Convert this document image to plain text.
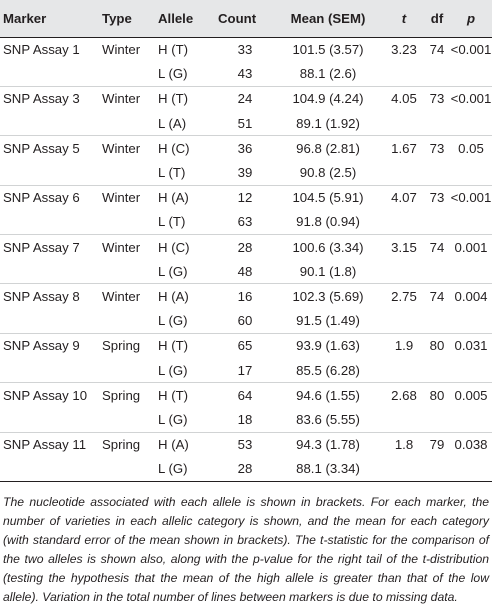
Marker	Type	Allele	Count	Mean (SEM)	t	df	p
SNP Assay 1	Winter	H (T)	33	101.5 (3.57)	3.23	74	<0.001
		L (G)	43	88.1 (2.6)			
SNP Assay 3	Winter	H (T)	24	104.9 (4.24)	4.05	73	<0.001
		L (A)	51	89.1 (1.92)			
SNP Assay 5	Winter	H (C)	36	96.8 (2.81)	1.67	73	0.05
		L (T)	39	90.8 (2.5)			
SNP Assay 6	Winter	H (A)	12	104.5 (5.91)	4.07	73	<0.001
		L (T)	63	91.8 (0.94)			
SNP Assay 7	Winter	H (C)	28	100.6 (3.34)	3.15	74	0.001
		L (G)	48	90.1 (1.8)			
SNP Assay 8	Winter	H (A)	16	102.3 (5.69)	2.75	74	0.004
		L (G)	60	91.5 (1.49)			
SNP Assay 9	Spring	H (T)	65	93.9 (1.63)	1.9	80	0.031
		L (G)	17	85.5 (6.28)			
SNP Assay 10	Spring	H (T)	64	94.6 (1.55)	2.68	80	0.005
		L (G)	18	83.6 (5.55)			
SNP Assay 11	Spring	H (A)	53	94.3 (1.78)	1.8	79	0.038
		L (G)	28	88.1 (3.34)			
The nucleotide associated with each allele is shown in brackets. For each marker, the number of varieties in each allelic category is shown, and the mean for each category (with standard error of the mean shown in brackets). The t-statistic for the comparison of the two alleles is shown also, along with the p-value for the right tail of the t-distribution (testing the hypothesis that the mean of the high allele is greater than that of the low allele). Variation in the total number of lines between markers is due to missing data.
